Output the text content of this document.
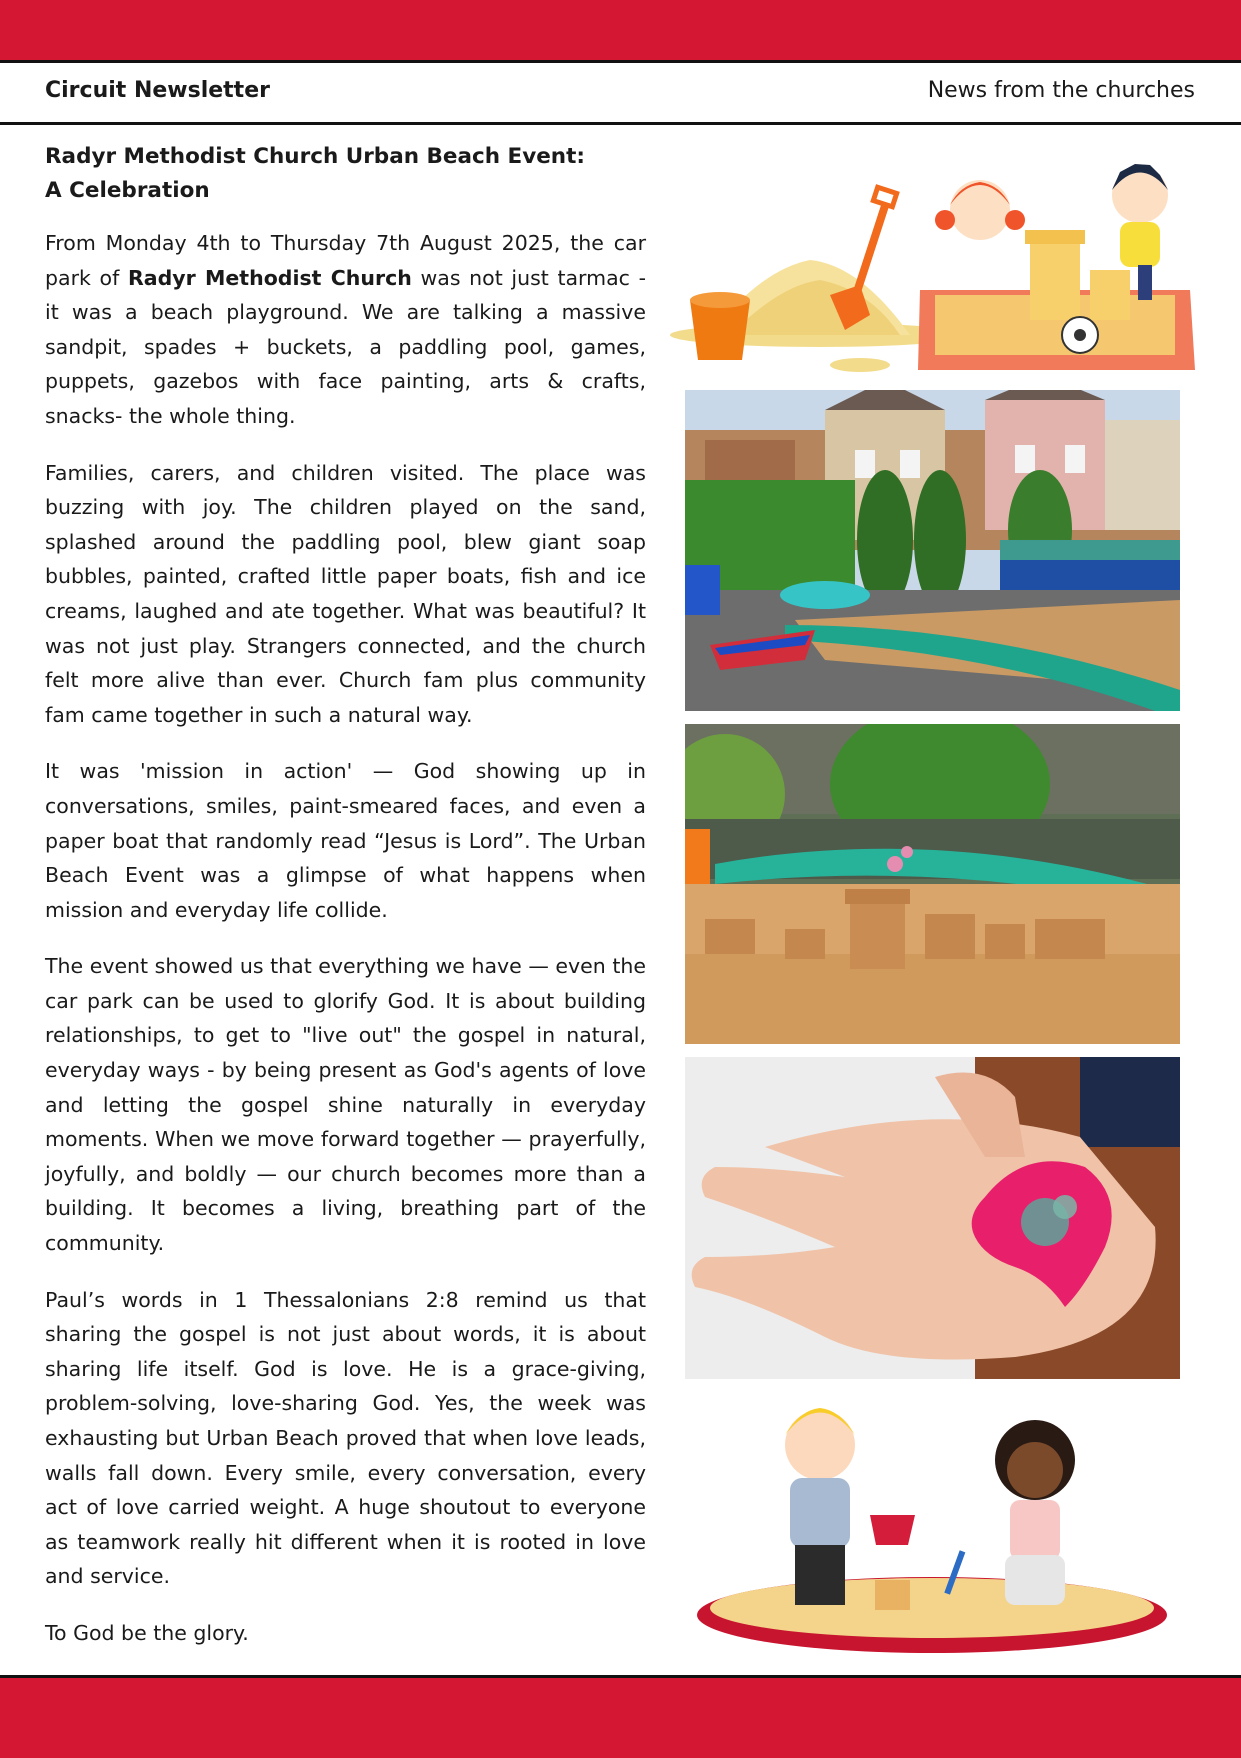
Circuit Newsletter	News from the churches
Radyr Methodist Church Urban Beach Event:
A Celebration

From Monday 4th to Thursday 7th August 2025, the car park of Radyr Methodist Church was not just tarmac - it was a beach playground. We are talking a massive sandpit, spades + buckets, a paddling pool, games, puppets, gazebos with face painting, arts & crafts, snacks- the whole thing.

Families, carers, and children visited. The place was buzzing with joy. The children played on the sand, splashed around the paddling pool, blew giant soap bubbles, painted, crafted little paper boats, fish and ice creams, laughed and ate together. What was beautiful? It was not just play. Strangers connected, and the church felt more alive than ever. Church fam plus community fam came together in such a natural way.

It was 'mission in action' — God showing up in conversations, smiles, paint-smeared faces, and even a paper boat that randomly read “Jesus is Lord”. The Urban Beach Event was a glimpse of what happens when mission and everyday life collide.

The event showed us that everything we have — even the car park can be used to glorify God. It is about building relationships, to get to "live out" the gospel in natural, everyday ways - by being present as God's agents of love and letting the gospel shine naturally in everyday moments. When we move forward together — prayerfully, joyfully, and boldly — our church becomes more than a building. It becomes a living, breathing part of the community.

Paul’s words in 1 Thessalonians 2:8 remind us that sharing the gospel is not just about words, it is about sharing life itself. God is love. He is a grace-giving, problem-solving, love-sharing God. Yes, the week was exhausting but Urban Beach proved that when love leads, walls fall down. Every smile, every conversation, every act of love carried weight. A huge shoutout to everyone as teamwork really hit different when it is rooted in love and service.

To God be the glory.
